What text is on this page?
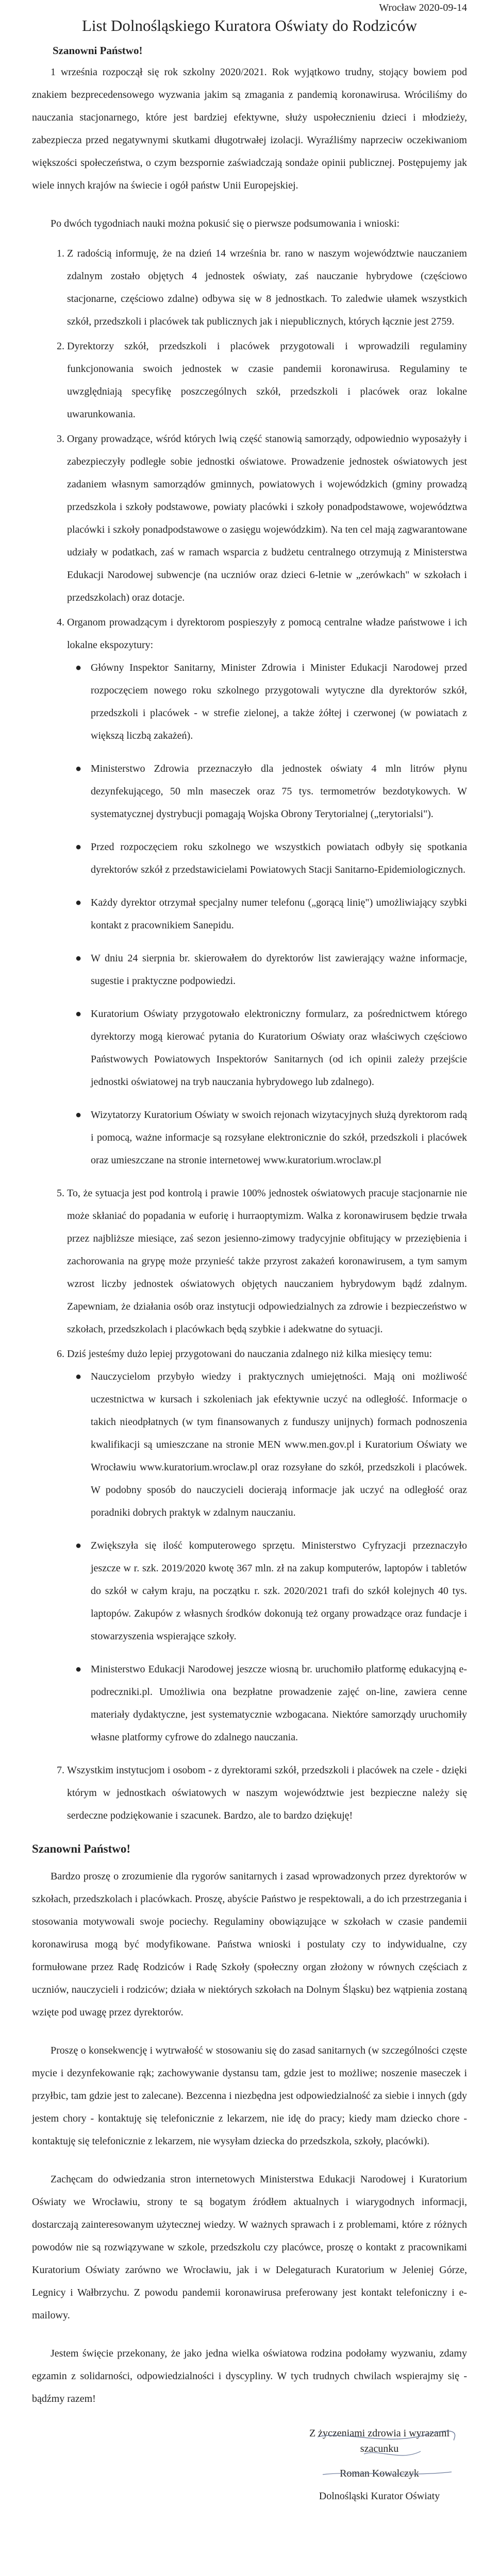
Wrocław 2020-09-14

List Dolnośląskiego Kuratora Oświaty do Rodziców
Szanowni Państwo!

1 września rozpoczął się rok szkolny 2020/2021. Rok wyjątkowo trudny, stojący bowiem pod znakiem bezprecedensowego wyzwania jakim są zmagania z pandemią koronawirusa. Wróciliśmy do nauczania stacjonarnego, które jest bardziej efektywne, służy uspołecznieniu dzieci i młodzieży, zabezpiecza przed negatywnymi skutkami długotrwałej izolacji. Wyraźliśmy naprzeciw oczekiwaniom większości społeczeństwa, o czym bezspornie zaświadczają sondaże opinii publicznej. Postępujemy jak wiele innych krajów na świecie i ogół państw Unii Europejskiej.

Po dwóch tygodniach nauki można pokusić się o pierwsze podsumowania i wnioski:

1. Z radością informuję, że na dzień 14 września br. rano w naszym województwie nauczaniem zdalnym zostało objętych 4 jednostek oświaty, zaś nauczanie hybrydowe (częściowo stacjonarne, częściowo zdalne) odbywa się w 8 jednostkach. To zaledwie ułamek wszystkich szkół, przedszkoli i placówek tak publicznych jak i niepublicznych, których łącznie jest 2759.
2. Dyrektorzy szkół, przedszkoli i placówek przygotowali i wprowadzili regulaminy funkcjonowania swoich jednostek w czasie pandemii koronawirusa. Regulaminy te uwzględniają specyfikę poszczególnych szkół, przedszkoli i placówek oraz lokalne uwarunkowania.
3. Organy prowadzące, wśród których lwią część stanowią samorządy, odpowiednio wyposażyły i zabezpieczyły podległe sobie jednostki oświatowe. Prowadzenie jednostek oświatowych jest zadaniem własnym samorządów gminnych, powiatowych i wojewódzkich (gminy prowadzą przedszkola i szkoły podstawowe, powiaty placówki i szkoły ponadpodstawowe, województwa placówki i szkoły ponadpodstawowe o zasięgu wojewódzkim). Na ten cel mają zagwarantowane udziały w podatkach, zaś w ramach wsparcia z budżetu centralnego otrzymują z Ministerstwa Edukacji Narodowej subwencje (na uczniów oraz dzieci 6-letnie w „zerówkach" w szkołach i przedszkolach) oraz dotacje.
4. Organom prowadzącym i dyrektorom pospieszyły z pomocą centralne władze państwowe i ich lokalne ekspozytury:
● Główny Inspektor Sanitarny, Minister Zdrowia i Minister Edukacji Narodowej przed rozpoczęciem nowego roku szkolnego przygotowali wytyczne dla dyrektorów szkół, przedszkoli i placówek - w strefie zielonej, a także żółtej i czerwonej (w powiatach z większą liczbą zakażeń).
● Ministerstwo Zdrowia przeznaczyło dla jednostek oświaty 4 mln litrów płynu dezynfekującego, 50 mln maseczek oraz 75 tys. termometrów bezdotykowych. W systematycznej dystrybucji pomagają Wojska Obrony Terytorialnej („terytorialsi").
● Przed rozpoczęciem roku szkolnego we wszystkich powiatach odbyły się spotkania dyrektorów szkół z przedstawicielami Powiatowych Stacji Sanitarno-Epidemiologicznych.
● Każdy dyrektor otrzymał specjalny numer telefonu („gorącą linię") umożliwiający szybki kontakt z pracownikiem Sanepidu.
● W dniu 24 sierpnia br. skierowałem do dyrektorów list zawierający ważne informacje, sugestie i praktyczne podpowiedzi.
● Kuratorium Oświaty przygotowało elektroniczny formularz, za pośrednictwem którego dyrektorzy mogą kierować pytania do Kuratorium Oświaty oraz właściwych częściowo Państwowych Powiatowych Inspektorów Sanitarnych (od ich opinii zależy przejście jednostki oświatowej na tryb nauczania hybrydowego lub zdalnego).
● Wizytatorzy Kuratorium Oświaty w swoich rejonach wizytacyjnych służą dyrektorom radą i pomocą, ważne informacje są rozsyłane elektronicznie do szkół, przedszkoli i placówek oraz umieszczane na stronie internetowej www.kuratorium.wroclaw.pl
5. To, że sytuacja jest pod kontrolą i prawie 100% jednostek oświatowych pracuje stacjonarnie nie może skłaniać do popadania w euforię i hurraoptymizm. Walka z koronawirusem będzie trwała przez najbliższe miesiące, zaś sezon jesienno-zimowy tradycyjnie obfitujący w przeziębienia i zachorowania na grypę może przynieść także przyrost zakażeń koronawirusem, a tym samym wzrost liczby jednostek oświatowych objętych nauczaniem hybrydowym bądź zdalnym. Zapewniam, że działania osób oraz instytucji odpowiedzialnych za zdrowie i bezpieczeństwo w szkołach, przedszkolach i placówkach będą szybkie i adekwatne do sytuacji.
6. Dziś jesteśmy dużo lepiej przygotowani do nauczania zdalnego niż kilka miesięcy temu:
● Nauczycielom przybyło wiedzy i praktycznych umiejętności. Mają oni możliwość uczestnictwa w kursach i szkoleniach jak efektywnie uczyć na odległość. Informacje o takich nieodpłatnych (w tym finansowanych z funduszy unijnych) formach podnoszenia kwalifikacji są umieszczane na stronie MEN www.men.gov.pl i Kuratorium Oświaty we Wrocławiu www.kuratorium.wroclaw.pl oraz rozsyłane do szkół, przedszkoli i placówek. W podobny sposób do nauczycieli docierają informacje jak uczyć na odległość oraz poradniki dobrych praktyk w zdalnym nauczaniu.
● Zwiększyła się ilość komputerowego sprzętu. Ministerstwo Cyfryzacji przeznaczyło jeszcze w r. szk. 2019/2020 kwotę 367 mln. zł na zakup komputerów, laptopów i tabletów do szkół w całym kraju, na początku r. szk. 2020/2021 trafi do szkół kolejnych 40 tys. laptopów. Zakupów z własnych środków dokonują też organy prowadzące oraz fundacje i stowarzyszenia wspierające szkoły.
● Ministerstwo Edukacji Narodowej jeszcze wiosną br. uruchomiło platformę edukacyjną e-podreczniki.pl. Umożliwia ona bezpłatne prowadzenie zajęć on-line, zawiera cenne materiały dydaktyczne, jest systematycznie wzbogacana. Niektóre samorządy uruchomiły własne platformy cyfrowe do zdalnego nauczania.
7. Wszystkim instytucjom i osobom - z dyrektorami szkół, przedszkoli i placówek na czele - dzięki którym w jednostkach oświatowych w naszym województwie jest bezpieczne należy się serdeczne podziękowanie i szacunek. Bardzo, ale to bardzo dziękuję!
Szanowni Państwo!

Bardzo proszę o zrozumienie dla rygorów sanitarnych i zasad wprowadzonych przez dyrektorów w szkołach, przedszkolach i placówkach. Proszę, abyście Państwo je respektowali, a do ich przestrzegania i stosowania motywowali swoje pociechy. Regulaminy obowiązujące w szkołach w czasie pandemii koronawirusa mogą być modyfikowane. Państwa wnioski i postulaty czy to indywidualne, czy formułowane przez Radę Rodziców i Radę Szkoły (społeczny organ złożony w równych częściach z uczniów, nauczycieli i rodziców; działa w niektórych szkołach na Dolnym Śląsku) bez wątpienia zostaną wzięte pod uwagę przez dyrektorów.

Proszę o konsekwencję i wytrwałość w stosowaniu się do zasad sanitarnych (w szczególności częste mycie i dezynfekowanie rąk; zachowywanie dystansu tam, gdzie jest to możliwe; noszenie maseczek i przyłbic, tam gdzie jest to zalecane). Bezcenna i niezbędna jest odpowiedzialność za siebie i innych (gdy jestem chory - kontaktuję się telefonicznie z lekarzem, nie idę do pracy; kiedy mam dziecko chore - kontaktuję się telefonicznie z lekarzem, nie wysyłam dziecka do przedszkola, szkoły, placówki).

Zachęcam do odwiedzania stron internetowych Ministerstwa Edukacji Narodowej i Kuratorium Oświaty we Wrocławiu, strony te są bogatym źródłem aktualnych i wiarygodnych informacji, dostarczają zainteresowanym użytecznej wiedzy. W ważnych sprawach i z problemami, które z różnych powodów nie są rozwiązywane w szkole, przedszkolu czy placówce, proszę o kontakt z pracownikami Kuratorium Oświaty zarówno we Wrocławiu, jak i w Delegaturach Kuratorium w Jeleniej Górze, Legnicy i Wałbrzychu. Z powodu pandemii koronawirusa preferowany jest kontakt telefoniczny i e-mailowy.

Jestem święcie przekonany, że jako jedna wielka oświatowa rodzina podołamy wyzwaniu, zdamy egzamin z solidarności, odpowiedzialności i dyscypliny. W tych trudnych chwilach wspierajmy się - bądźmy razem!

Z życzeniami zdrowia i wyrazami szacunku
Roman Kowalczyk
Dolnośląski Kurator Oświaty
